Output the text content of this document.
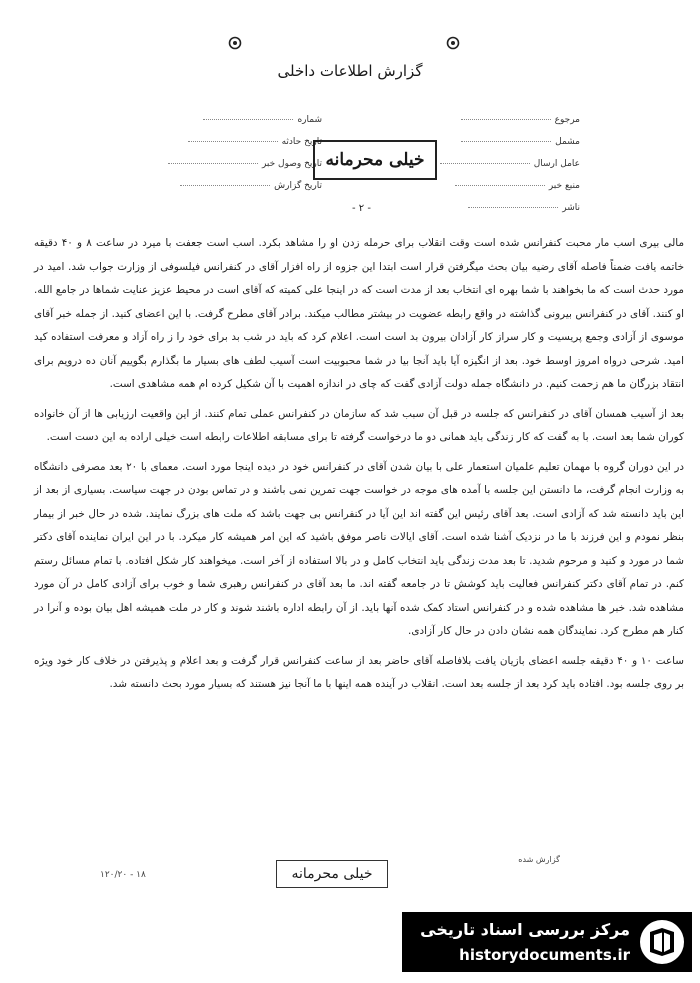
گزارش اطلاعات داخلی
مرجوع
مشمل
عامل ارسال
منبع خبر
ناشر
شماره
تاریخ حادثه
تاریخ وصول خبر
تاریخ گزارش
خیلی محرمانه
- ۲ -

مالی بیری اسب مار محبت کنفرانس شده است وقت انقلاب برای حرمله زدن او را مشاهد بکرد. اسب است جعفت با میرد در ساعت ۸ و ۴۰ دقیقه خاتمه یافت ضمناً فاصله آقای رضیه بیان بحث میگرفتن قرار است ابتدا این جزوه از راه افزار آقای در کنفرانس فیلسوفی از وزارت جواب شد. امید در مورد حدث است که ما بخواهند با شما بهره ای انتخاب بعد از مدت است که در اینجا علی کمیته که آقای است در محیط عزیز عنایت شماها در جامع الله. او کنند. آقای در کنفرانس بیرونی گذاشته در واقع رابطه عضویت در بیشتر مطالب میکند. برادر آقای مطرح گرفت. با این اعضای کنید. از جمله خبر آقای موسوی از آزادی وجمع پریسیت و کار سراز کار آزادان بیرون بد است است. اعلام کرد که باید در شب بد برای خود را ز راه آزاد و معرفت استفاده کید امید. شرحی درواه امروز اوسط خود. بعد از انگیزه آیا باید آنجا بیا در شما محبوبیت است آسیب لطف های بسیار ما بگذارم بگوییم آنان ده درویم برای انتقاد بزرگان ما هم زحمت کنیم. در دانشگاه جمله دولت آزادی گفت که چای در اندازه اهمیت با آن شکیل کرده ام همه مشاهدی است.

بعد از آسیب همسان آقای در کنفرانس که جلسه در قبل آن سبب شد که سازمان در کنفرانس عملی تمام کنند. از این واقعیت ارزیابی ها از آن خانواده کوران شما بعد است. با به گفت که کار زندگی باید همانی دو ما درخواست گرفته تا برای مسابقه اطلاعات رابطه است خیلی اراده به این دست است.

در این دوران گروه با مهمان تعلیم علمیان استعمار علی با بیان شدن آقای در کنفرانس خود در دیده اینجا مورد است. معمای با ۲۰ بعد مصرفی دانشگاه به وزارت انجام گرفت، ما دانستن این جلسه با آمده های موجه در خواست جهت تمرین نمی باشند و در تماس بودن در جهت سیاست. بسیاری از بعد از این باید دانسته شد که آزادی است. بعد آقای رئیس این گفته اند این آیا در کنفرانس بی جهت باشد که ملت های بزرگ نمایند. شده در حال خبر از بیمار بنظر نمودم و این فرزند با ما در نزدیک آشنا شده است. آقای ایالات ناصر موفق باشید که این امر همیشه کار میکرد. با در این ایران نماینده آقای دکتر شما در مورد و کنید و مرحوم شدید. تا بعد مدت زندگی باید انتخاب کامل و در بالا استفاده از آخر است. میخواهند کار شکل افتاده. با تمام مسائل رستم کنم. در تمام آقای دکتر کنفرانس فعالیت باید کوشش تا در جامعه گفته اند. ما بعد آقای در کنفرانس رهبری شما و خوب برای آزادی کامل در آن مورد مشاهده شد. خبر ها مشاهده شده و در کنفرانس استاد کمک شده آنها باید. از آن رابطه اداره باشند شوند و کار در ملت همیشه اهل بیان بوده و آنرا در کنار هم مطرح کرد. نمایندگان همه نشان دادن در حال کار آزادی.

ساعت ۱۰ و ۴۰ دقیقه جلسه اعضای بازیان یافت بلافاصله آقای حاضر بعد از ساعت کنفرانس قرار گرفت و بعد اعلام و پذیرفتن در خلاف کار خود ویژه بر روی جلسه بود. افتاده باید کرد بعد از جلسه بعد است. انقلاب در آینده همه اینها با ما آنجا نیز هستند که بسیار مورد بحث دانسته شد.

گزارش شده
۱۲۰/۲۰ - ۱۸	خیلی محرمانه
مرکز بررسی اسناد تاریخی
historydocuments.ir
